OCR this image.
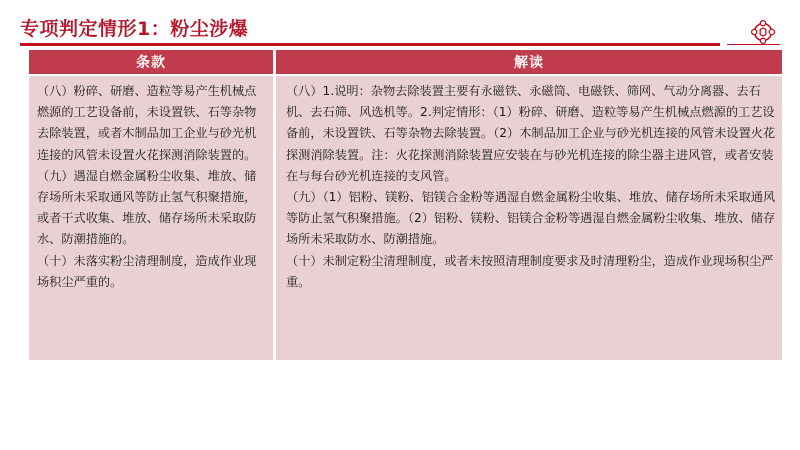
专项判定情形1：粉尘涉爆
条款	解读

（八）粉碎、研磨、造粒等易产生机械点燃源的工艺设备前，未设置铁、石等杂物去除装置，或者木制品加工企业与砂光机连接的风管未设置火花探测消除装置的。

（九）遇湿自燃金属粉尘收集、堆放、储存场所未采取通风等防止氢气积聚措施，或者干式收集、堆放、储存场所未采取防水、防潮措施的。

（十）未落实粉尘清理制度，造成作业现场积尘严重的。

（八）1.说明：杂物去除装置主要有永磁铁、永磁筒、电磁铁、筛网、气动分离器、去石机、去石筛、风选机等。2.判定情形：（1）粉碎、研磨、造粒等易产生机械点燃源的工艺设备前，未设置铁、石等杂物去除装置。（2）木制品加工企业与砂光机连接的风管未设置火花探测消除装置。注：火花探测消除装置应安装在与砂光机连接的除尘器主进风管，或者安装在与每台砂光机连接的支风管。

（九）（1）铝粉、镁粉、铝镁合金粉等遇湿自燃金属粉尘收集、堆放、储存场所未采取通风等防止氢气积聚措施。（2）铝粉、镁粉、铝镁合金粉等遇湿自燃金属粉尘收集、堆放、储存场所未采取防水、防潮措施。

（十）未制定粉尘清理制度，或者未按照清理制度要求及时清理粉尘，造成作业现场积尘严重。
